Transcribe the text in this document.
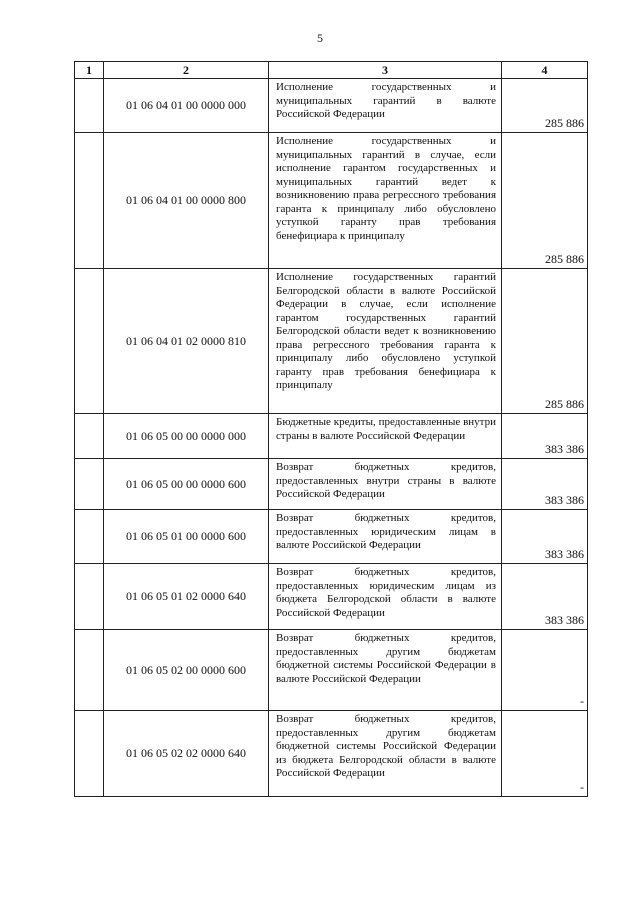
5
1	2	3	4
	01 06 04 01 00 0000 000	Исполнение государственных и муниципальных гарантий в валюте Российской Федерации	285 886
	01 06 04 01 00 0000 800	Исполнение государственных и муниципальных гарантий в случае, если исполнение гарантом государственных и муниципальных гарантий ведет к возникновению права регрессного требования гаранта к принципалу либо обусловлено уступкой гаранту прав требования бенефициара к принципалу	285 886
	01 06 04 01 02 0000 810	Исполнение государственных гарантий Белгородской области в валюте Российской Федерации в случае, если исполнение гарантом государственных гарантий Белгородской области ведет к возникновению права регрессного требования гаранта к принципалу либо обусловлено уступкой гаранту прав требования бенефициара к принципалу	285 886
	01 06 05 00 00 0000 000	Бюджетные кредиты, предоставленные внутри страны в валюте Российской Федерации	383 386
	01 06 05 00 00 0000 600	Возврат бюджетных кредитов, предоставленных внутри страны в валюте Российской Федерации	383 386
	01 06 05 01 00 0000 600	Возврат бюджетных кредитов, предоставленных юридическим лицам в валюте Российской Федерации	383 386
	01 06 05 01 02 0000 640	Возврат бюджетных кредитов, предоставленных юридическим лицам из бюджета Белгородской области в валюте Российской Федерации	383 386
	01 06 05 02 00 0000 600	Возврат бюджетных кредитов, предоставленных другим бюджетам бюджетной системы Российской Федерации в валюте Российской Федерации	-
	01 06 05 02 02 0000 640	Возврат бюджетных кредитов, предоставленных другим бюджетам бюджетной системы Российской Федерации из бюджета Белгородской области в валюте Российской Федерации	-
